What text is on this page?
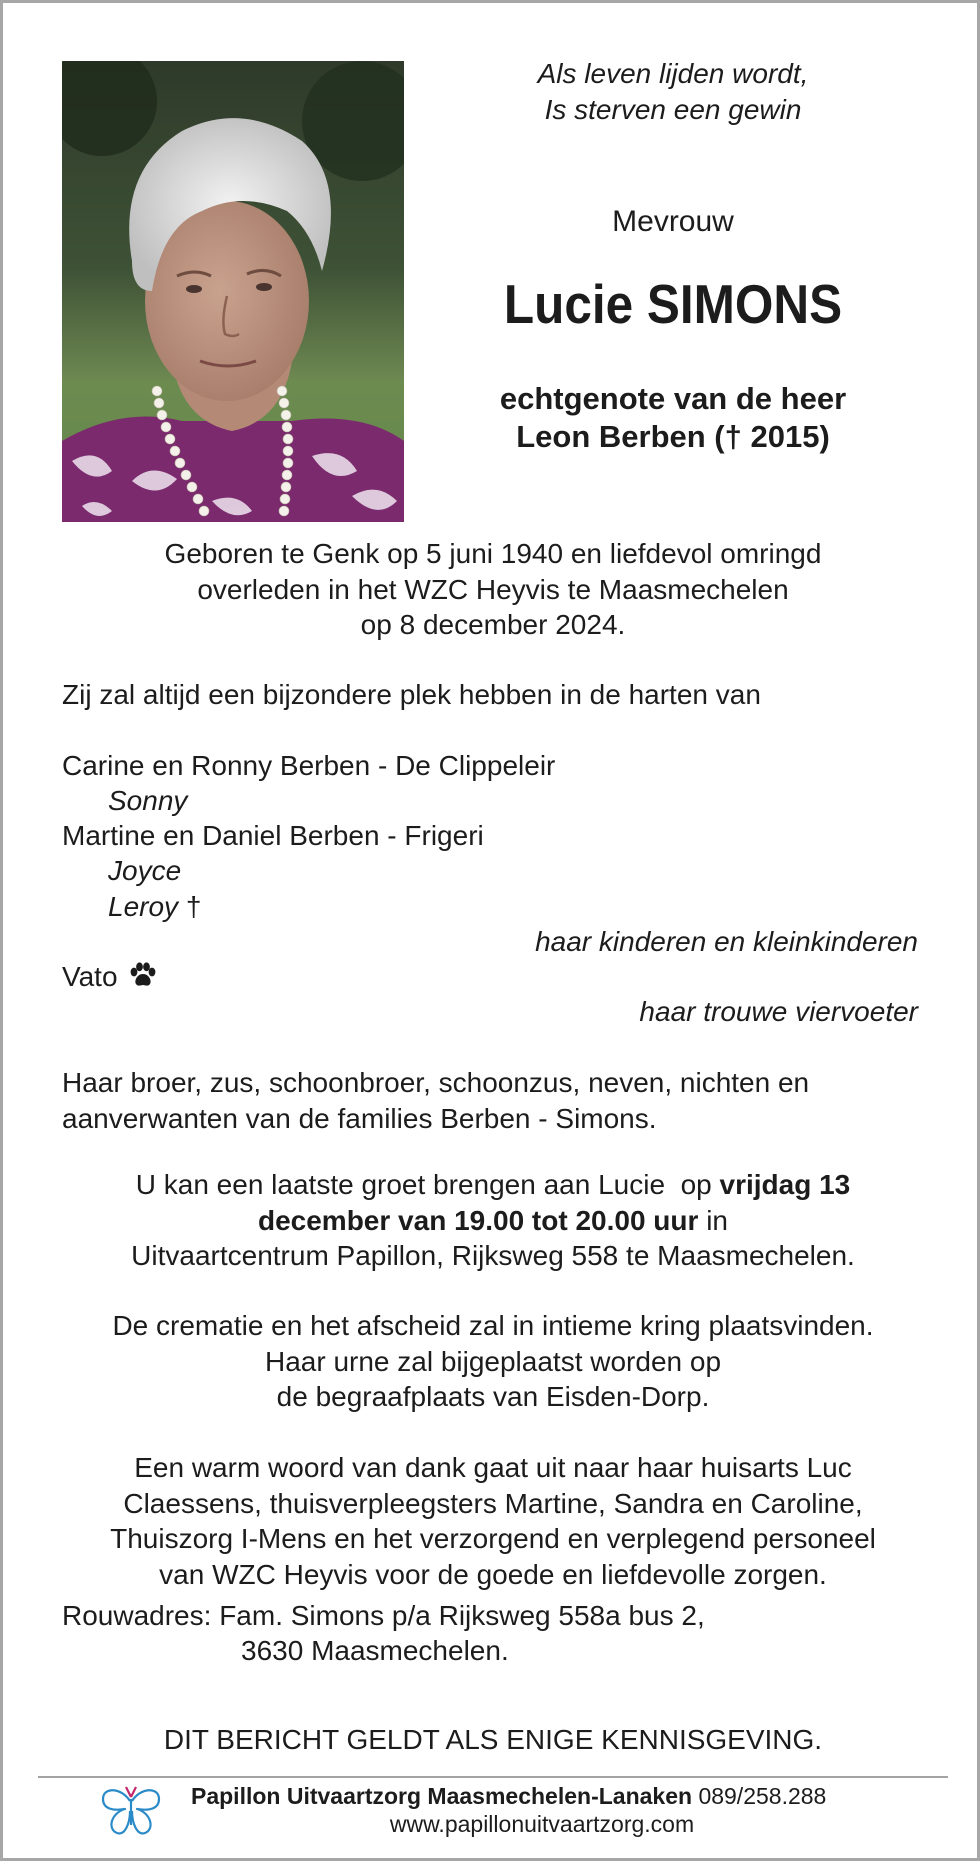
Als leven lijden wordt,
Is sterven een gewin
Mevrouw
Lucie SIMONS
echtgenote van de heer
Leon Berben († 2015)
Geboren te Genk op 5 juni 1940 en liefdevol omringd
overleden in het WZC Heyvis te Maasmechelen
op 8 december 2024.
Zij zal altijd een bijzondere plek hebben in de harten van
Carine en Ronny Berben - De Clippeleir
Sonny
Martine en Daniel Berben - Frigeri
Joyce
Leroy †
haar kinderen en kleinkinderen
Vato
haar trouwe viervoeter
Haar broer, zus, schoonbroer, schoonzus, neven, nichten en
aanverwanten van de families Berben - Simons.
U kan een laatste groet brengen aan Lucie  op vrijdag 13
december van 19.00 tot 20.00 uur in
Uitvaartcentrum Papillon, Rijksweg 558 te Maasmechelen.
De crematie en het afscheid zal in intieme kring plaatsvinden.
Haar urne zal bijgeplaatst worden op
de begraafplaats van Eisden-Dorp.
Een warm woord van dank gaat uit naar haar huisarts Luc
Claessens, thuisverpleegsters Martine, Sandra en Caroline,
Thuiszorg I-Mens en het verzorgend en verplegend personeel
van WZC Heyvis voor de goede en liefdevolle zorgen.
Rouwadres: Fam. Simons p/a Rijksweg 558a bus 2,
3630 Maasmechelen.
DIT BERICHT GELDT ALS ENIGE KENNISGEVING.
Papillon Uitvaartzorg Maasmechelen-Lanaken 089/258.288
www.papillonuitvaartzorg.com
